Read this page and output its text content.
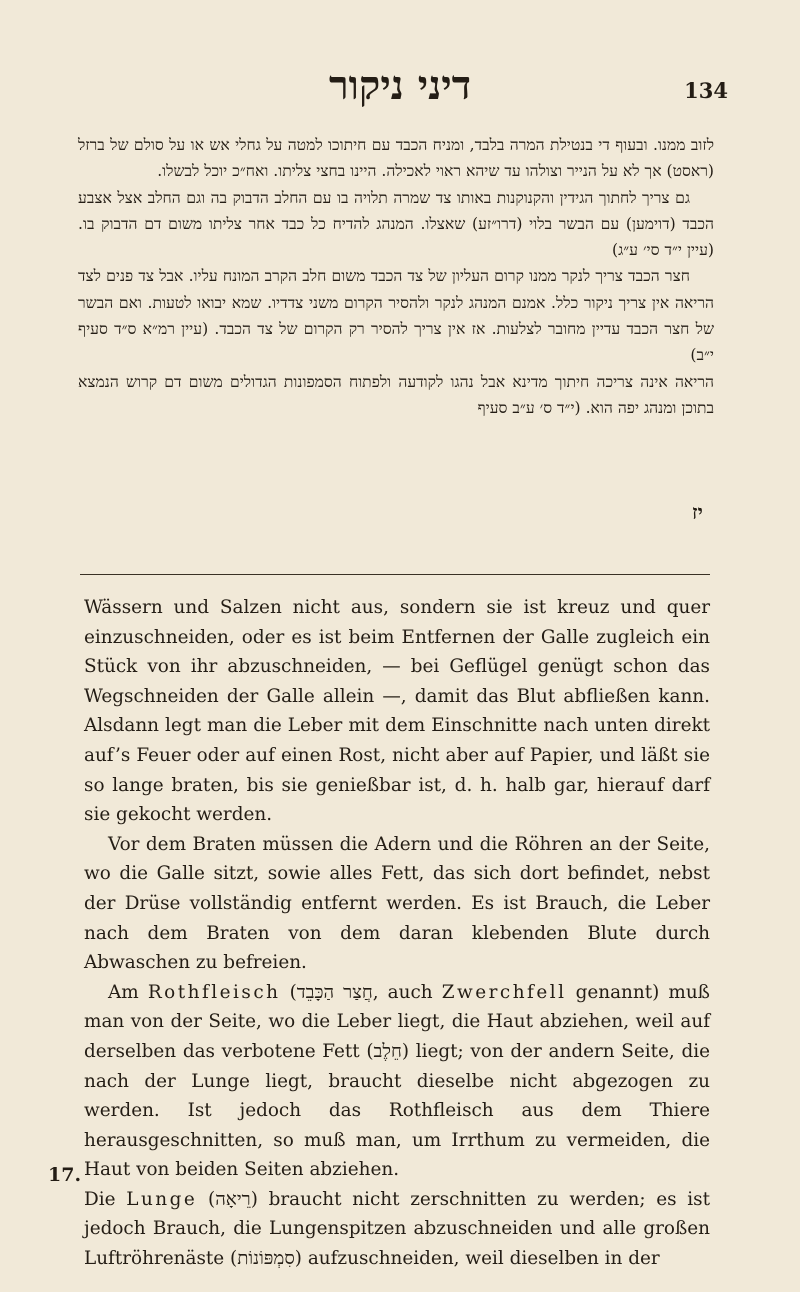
דיני ניקור	134

לזוב ממנו. ובעוף די בנטילת המרה בלבד, ומניח הכבד עם חיתוכו למטה על גחלי אש או על סולם של ברזל (ראסט) אך לא על הנייר וצולהו עד שיהא ראוי לאכילה. היינו בחצי צליתו. ואח״כ יוכל לבשלו.

גם צריך לחתוך הגידין והקנוקנות באותו צד שמרה תלויה בו עם החלב הדבוק בה וגם החלב אצל אצבע הכבד (דוימען) עם הבשר בלוי (דרו״זע) שאצלו. המנהג להדיח כל כבד אחר צליתו משום דם הדבוק בו. (עיין י״ד סי׳ ע״ג)

חצר הכבד צריך לנקר ממנו קרום העליון של צד הכבד משום חלב הקרב המונח עליו. אבל צד פנים לצד הריאה אין צריך ניקור כלל. אמנם המנהג לנקר ולהסיר הקרום משני צדדיו. שמא יבואו לטעות. ואם הבשר של חצר הכבד עדיין מחובר לצלעות. אז אין צריך להסיר רק הקרום של צד הכבד. (עיין רמ״א ס״ד סעיף י״ב)

הריאה אינה צריכה חיתוך מדינא אבל נהגו לקודעה ולפתוח הסמפונות הגדולים משום דם קרוש הנמצא בתוכן ומנהג יפה הוא. (י״ד ס׳ ע״ב סעיף

יז

Wässern und Salzen nicht aus, sondern sie ist kreuz und quer einzuschneiden, oder es ist beim Entfernen der Galle zugleich ein Stück von ihr abzuschneiden, — bei Geflügel genügt schon das Wegschneiden der Galle allein —, damit das Blut abfließen kann. Alsdann legt man die Leber mit dem Einschnitte nach unten direkt auf’s Feuer oder auf einen Rost, nicht aber auf Papier, und läßt sie so lange braten, bis sie genießbar ist, d. h. halb gar, hierauf darf sie gekocht werden.

Vor dem Braten müssen die Adern und die Röhren an der Seite, wo die Galle sitzt, sowie alles Fett, das sich dort befindet, nebst der Drüse vollständig entfernt werden. Es ist Brauch, die Leber nach dem Braten von dem daran klebenden Blute durch Abwaschen zu befreien.

Am Rothfleisch (חֲצַר הַכָּבֵד, auch Zwerchfell genannt) muß man von der Seite, wo die Leber liegt, die Haut abziehen, weil auf derselben das verbotene Fett (חֵלֶב) liegt; von der andern Seite, die nach der Lunge liegt, braucht dieselbe nicht abgezogen zu werden. Ist jedoch das Rothfleisch aus dem Thiere herausgeschnitten, so muß man, um Irrthum zu vermeiden, die Haut von beiden Seiten abziehen.

Die Lunge (רֵיאָה) braucht nicht zerschnitten zu werden; es ist jedoch Brauch, die Lungenspitzen abzuschneiden und alle großen Luftröhrenäste (סִמְפּוֹנוֹת) aufzuschneiden, weil dieselben in der

17.
